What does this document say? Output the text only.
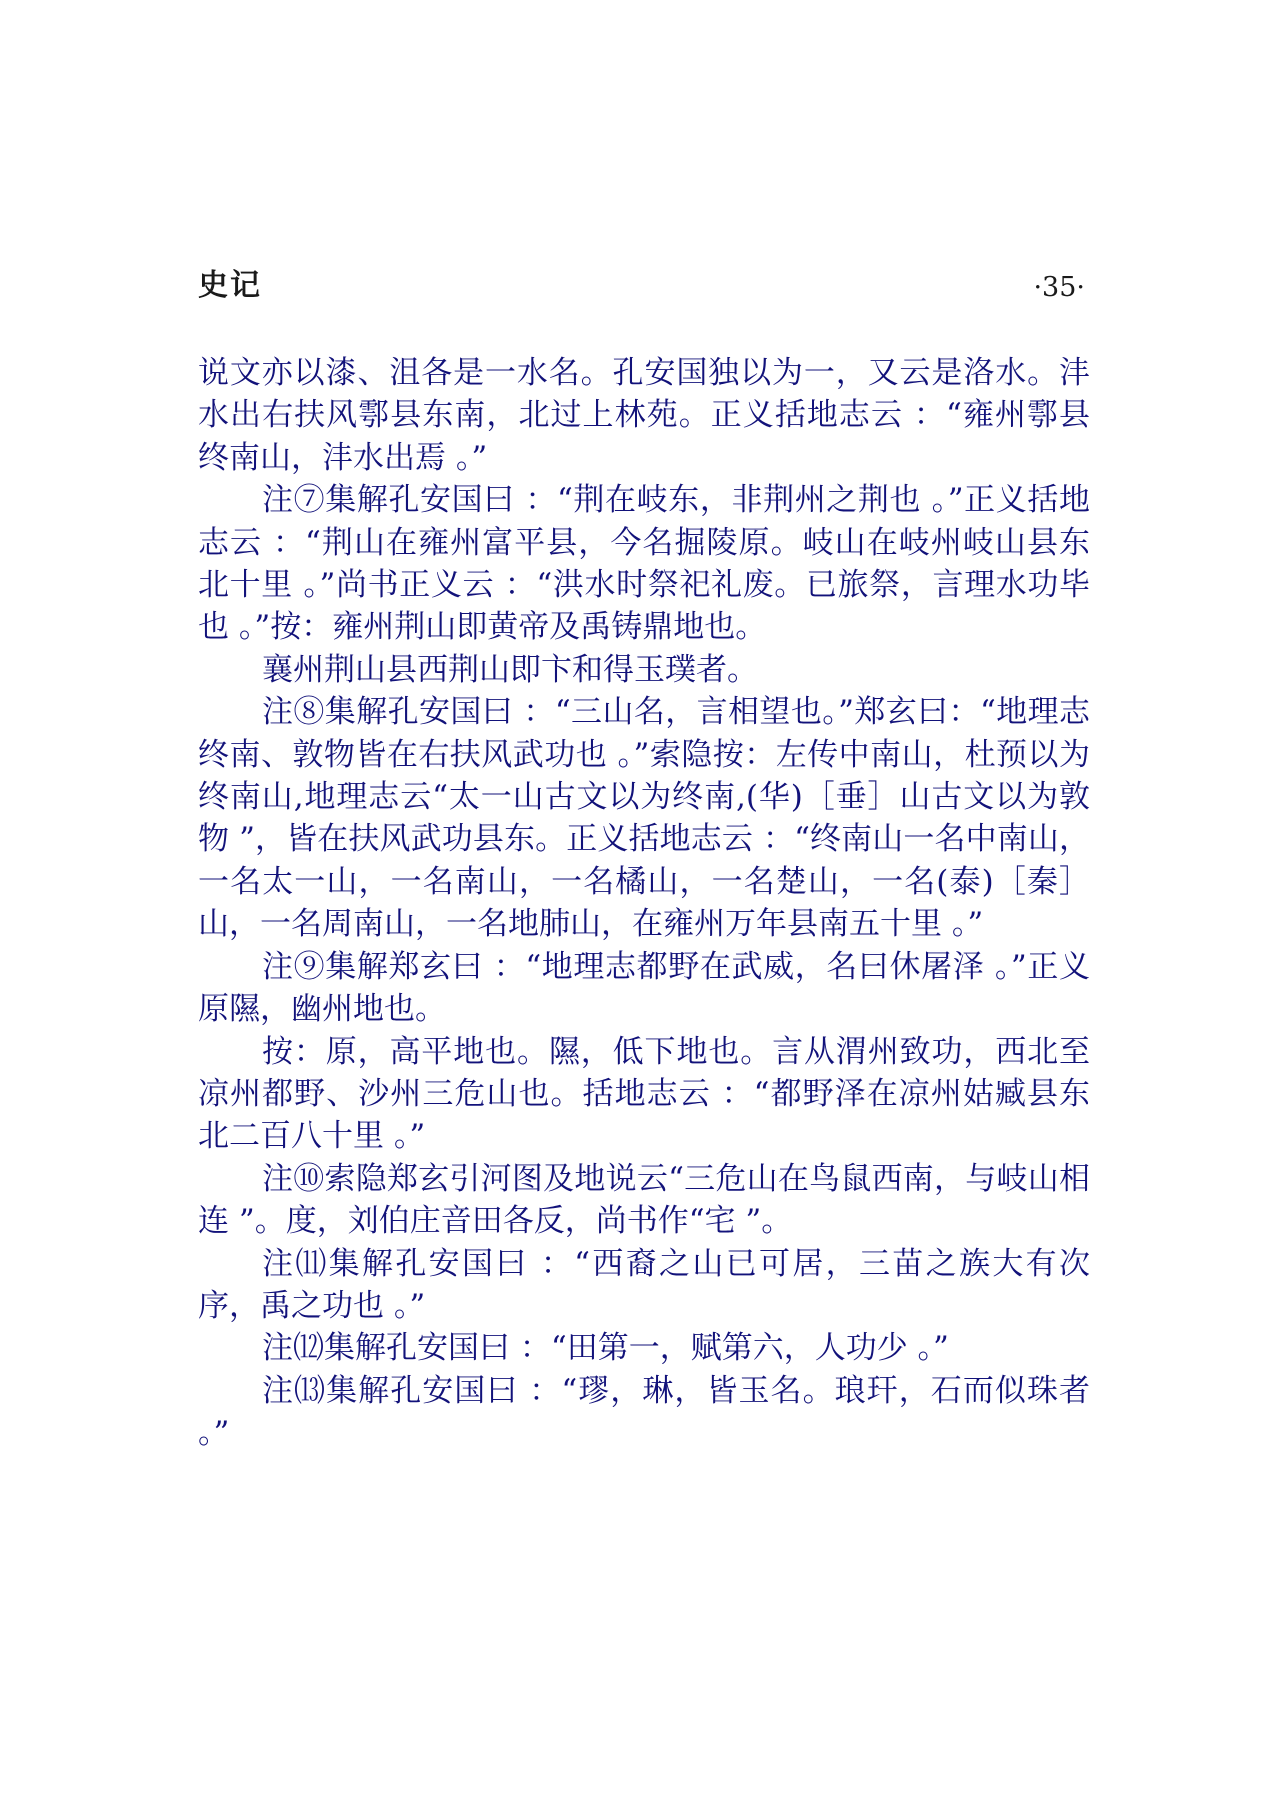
史记	·35·

说文亦以漆、沮各是一水名。孔安国独以为一，又云是洛水。沣水出右扶风鄠县东南，北过上林苑。正义括地志云 ：“雍州鄠县终南山，沣水出焉 。”

注⑦集解孔安国曰 ：“荆在岐东，非荆州之荆也 。”正义括地志云 ：“荆山在雍州富平县，今名掘陵原。岐山在岐州岐山县东北十里 。”尚书正义云 ：“洪水时祭祀礼废。已旅祭，言理水功毕也 。”按：雍州荆山即黄帝及禹铸鼎地也。

襄州荆山县西荆山即卞和得玉璞者。

注⑧集解孔安国曰 ：“三山名，言相望也。”郑玄曰：“地理志终南、敦物皆在右扶风武功也 。”索隐按：左传中南山，杜预以为终南山,地理志云“太一山古文以为终南,(华)［垂］山古文以为敦物 ”，皆在扶风武功县东。正义括地志云 ：“终南山一名中南山，一名太一山，一名南山，一名橘山，一名楚山，一名(泰)［秦］山，一名周南山，一名地肺山，在雍州万年县南五十里 。”

注⑨集解郑玄曰 ：“地理志都野在武威，名曰休屠泽 。”正义原隰，幽州地也。

按：原，高平地也。隰，低下地也。言从渭州致功，西北至凉州都野、沙州三危山也。括地志云 ：“都野泽在凉州姑臧县东北二百八十里 。”

注⑩索隐郑玄引河图及地说云“三危山在鸟鼠西南，与岐山相连 ”。度，刘伯庄音田各反，尚书作“宅 ”。

注⑾集解孔安国曰 ：“西裔之山已可居，三苗之族大有次序，禹之功也 。”

注⑿集解孔安国曰 ：“田第一，赋第六，人功少 。”

注⒀集解孔安国曰 ：“璆，琳，皆玉名。琅玕，石而似珠者 。”
